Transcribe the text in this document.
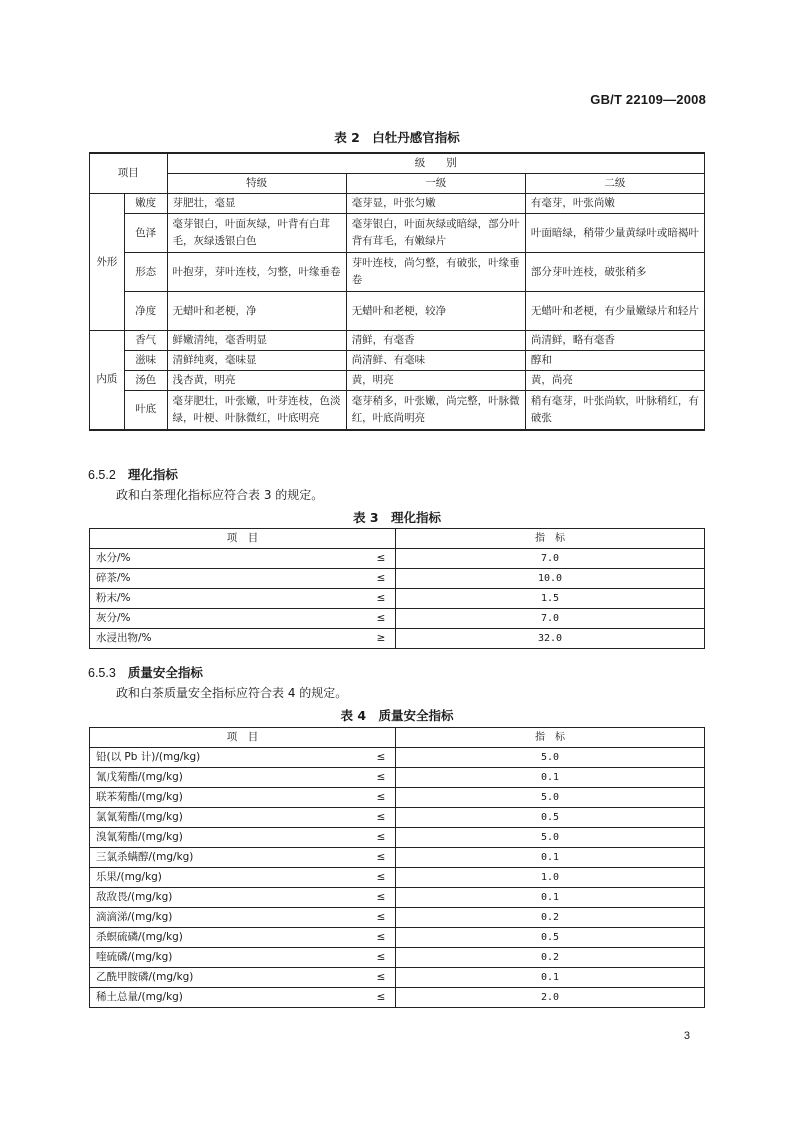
GB/T 22109—2008
表 2　白牡丹感官指标
项目		级　　别		
		特级	一级	二级
外形	嫩度	芽肥壮，毫显	毫芽显，叶张匀嫩	有毫芽，叶张尚嫩
	色泽	毫芽银白，叶面灰绿，叶背有白茸毛，灰绿透银白色	毫芽银白，叶面灰绿或暗绿，部分叶背有茸毛，有嫩绿片	叶面暗绿，稍带少量黄绿叶或暗褐叶
	形态	叶抱芽，芽叶连枝，匀整，叶缘垂卷	芽叶连枝，尚匀整，有破张，叶缘垂卷	部分芽叶连枝，破张稍多
	净度	无蜡叶和老梗，净	无蜡叶和老梗，较净	无蜡叶和老梗，有少量嫩绿片和轻片
内质	香气	鲜嫩清纯，毫香明显	清鲜，有毫香	尚清鲜，略有毫香
	滋味	清鲜纯爽，毫味显	尚清鲜、有毫味	醇和
	汤色	浅杏黄，明亮	黄，明亮	黄，尚亮
	叶底	毫芽肥壮，叶张嫩，叶芽连枝，色淡绿，叶梗、叶脉微红，叶底明亮	毫芽稍多，叶张嫩，尚完整，叶脉微红，叶底尚明亮	稍有毫芽，叶张尚软，叶脉稍红，有破张
6.5.2 理化指标
政和白茶理化指标应符合表 3 的规定。
表 3　理化指标
项　目		指　标
水分/%	≤	7.0
碎茶/%	≤	10.0
粉末/%	≤	1.5
灰分/%	≤	7.0
水浸出物/%	≥	32.0
6.5.3 质量安全指标
政和白茶质量安全指标应符合表 4 的规定。
表 4　质量安全指标
项　目		指　标
铅(以 Pb 计)/(mg/kg)	≤	5.0
氰戊菊酯/(mg/kg)	≤	0.1
联苯菊酯/(mg/kg)	≤	5.0
氯氰菊酯/(mg/kg)	≤	0.5
溴氰菊酯/(mg/kg)	≤	5.0
三氯杀螨醇/(mg/kg)	≤	0.1
乐果/(mg/kg)	≤	1.0
敌敌畏/(mg/kg)	≤	0.1
滴滴涕/(mg/kg)	≤	0.2
杀螟硫磷/(mg/kg)	≤	0.5
喹硫磷/(mg/kg)	≤	0.2
乙酰甲胺磷/(mg/kg)	≤	0.1
稀土总量/(mg/kg)	≤	2.0
3
